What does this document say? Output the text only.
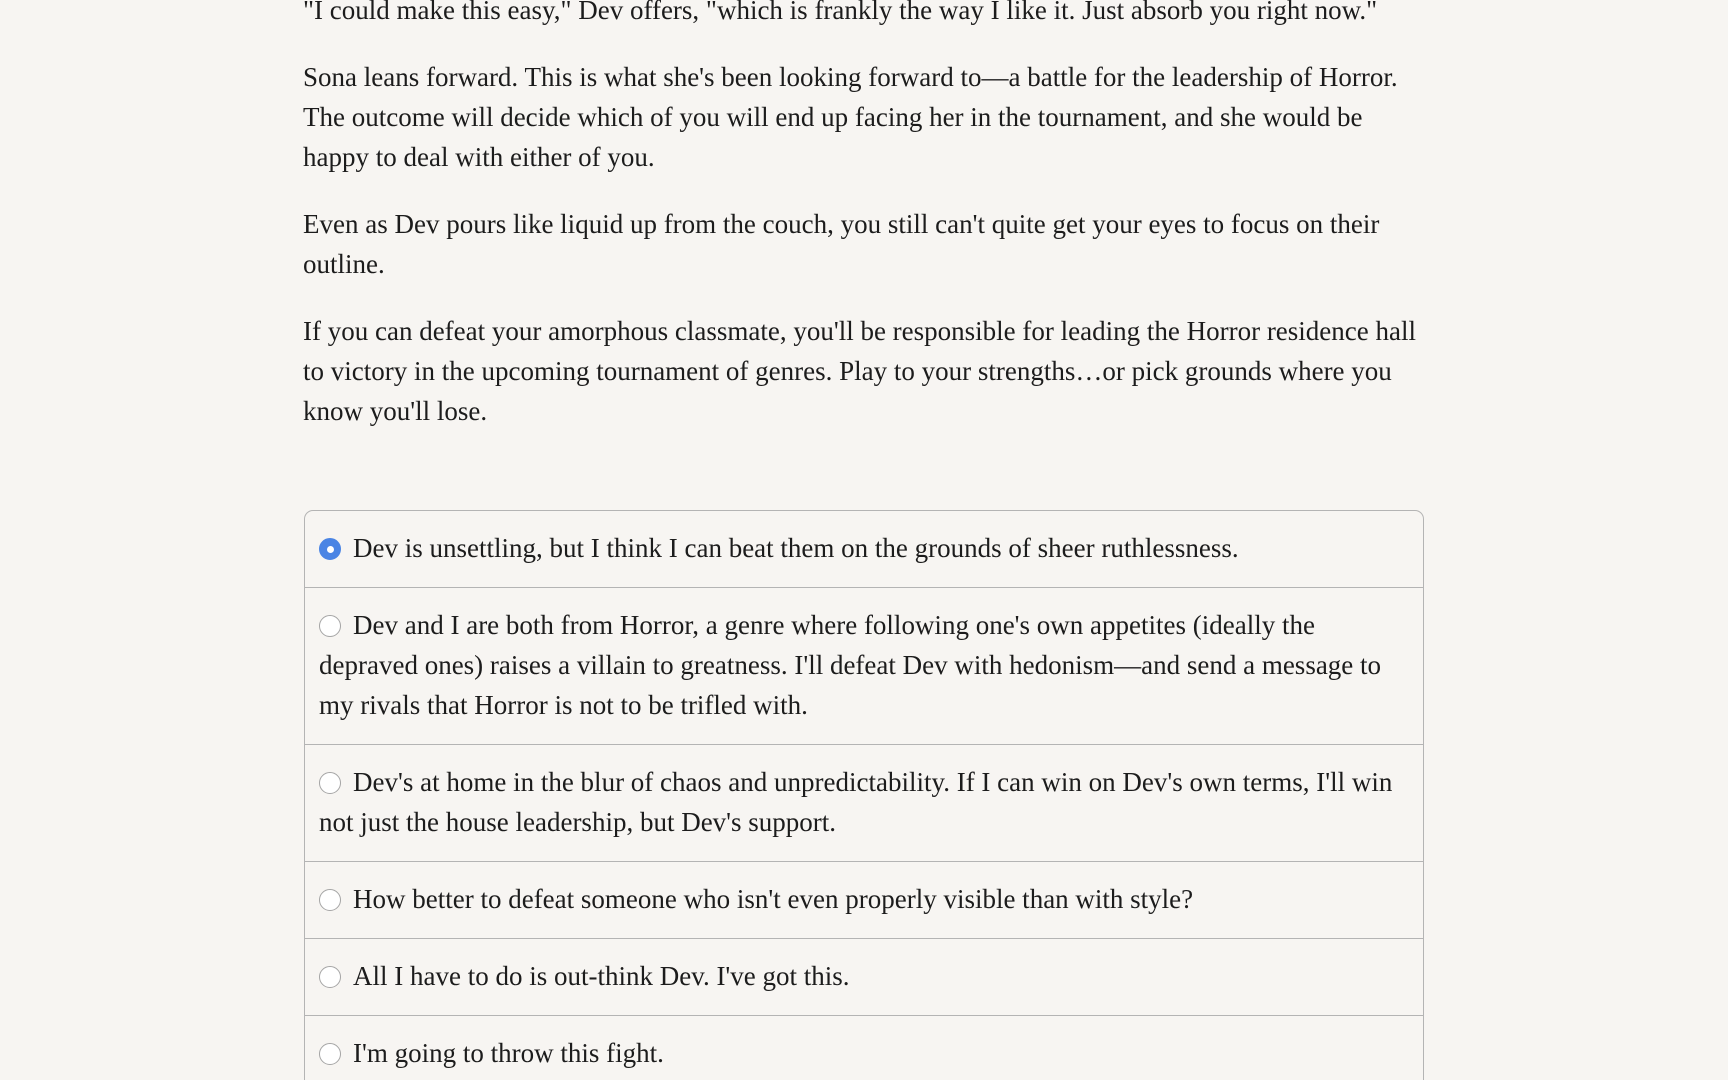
"I could make this easy," Dev offers, "which is frankly the way I like it. Just absorb you right now."

Sona leans forward. This is what she's been looking forward to—a battle for the leadership of Horror. The outcome will decide which of you will end up facing her in the tournament, and she would be happy to deal with either of you.

Even as Dev pours like liquid up from the couch, you still can't quite get your eyes to focus on their outline.

If you can defeat your amorphous classmate, you'll be responsible for leading the Horror residence hall to victory in the upcoming tournament of genres. Play to your strengths…or pick grounds where you know you'll lose.

Dev is unsettling, but I think I can beat them on the grounds of sheer ruthlessness.
Dev and I are both from Horror, a genre where following one's own appetites (ideally the depraved ones) raises a villain to greatness. I'll defeat Dev with hedonism—and send a message to my rivals that Horror is not to be trifled with.
Dev's at home in the blur of chaos and unpredictability. If I can win on Dev's own terms, I'll win not just the house leadership, but Dev's support.
How better to defeat someone who isn't even properly visible than with style?
All I have to do is out-think Dev. I've got this.
I'm going to throw this fight.
